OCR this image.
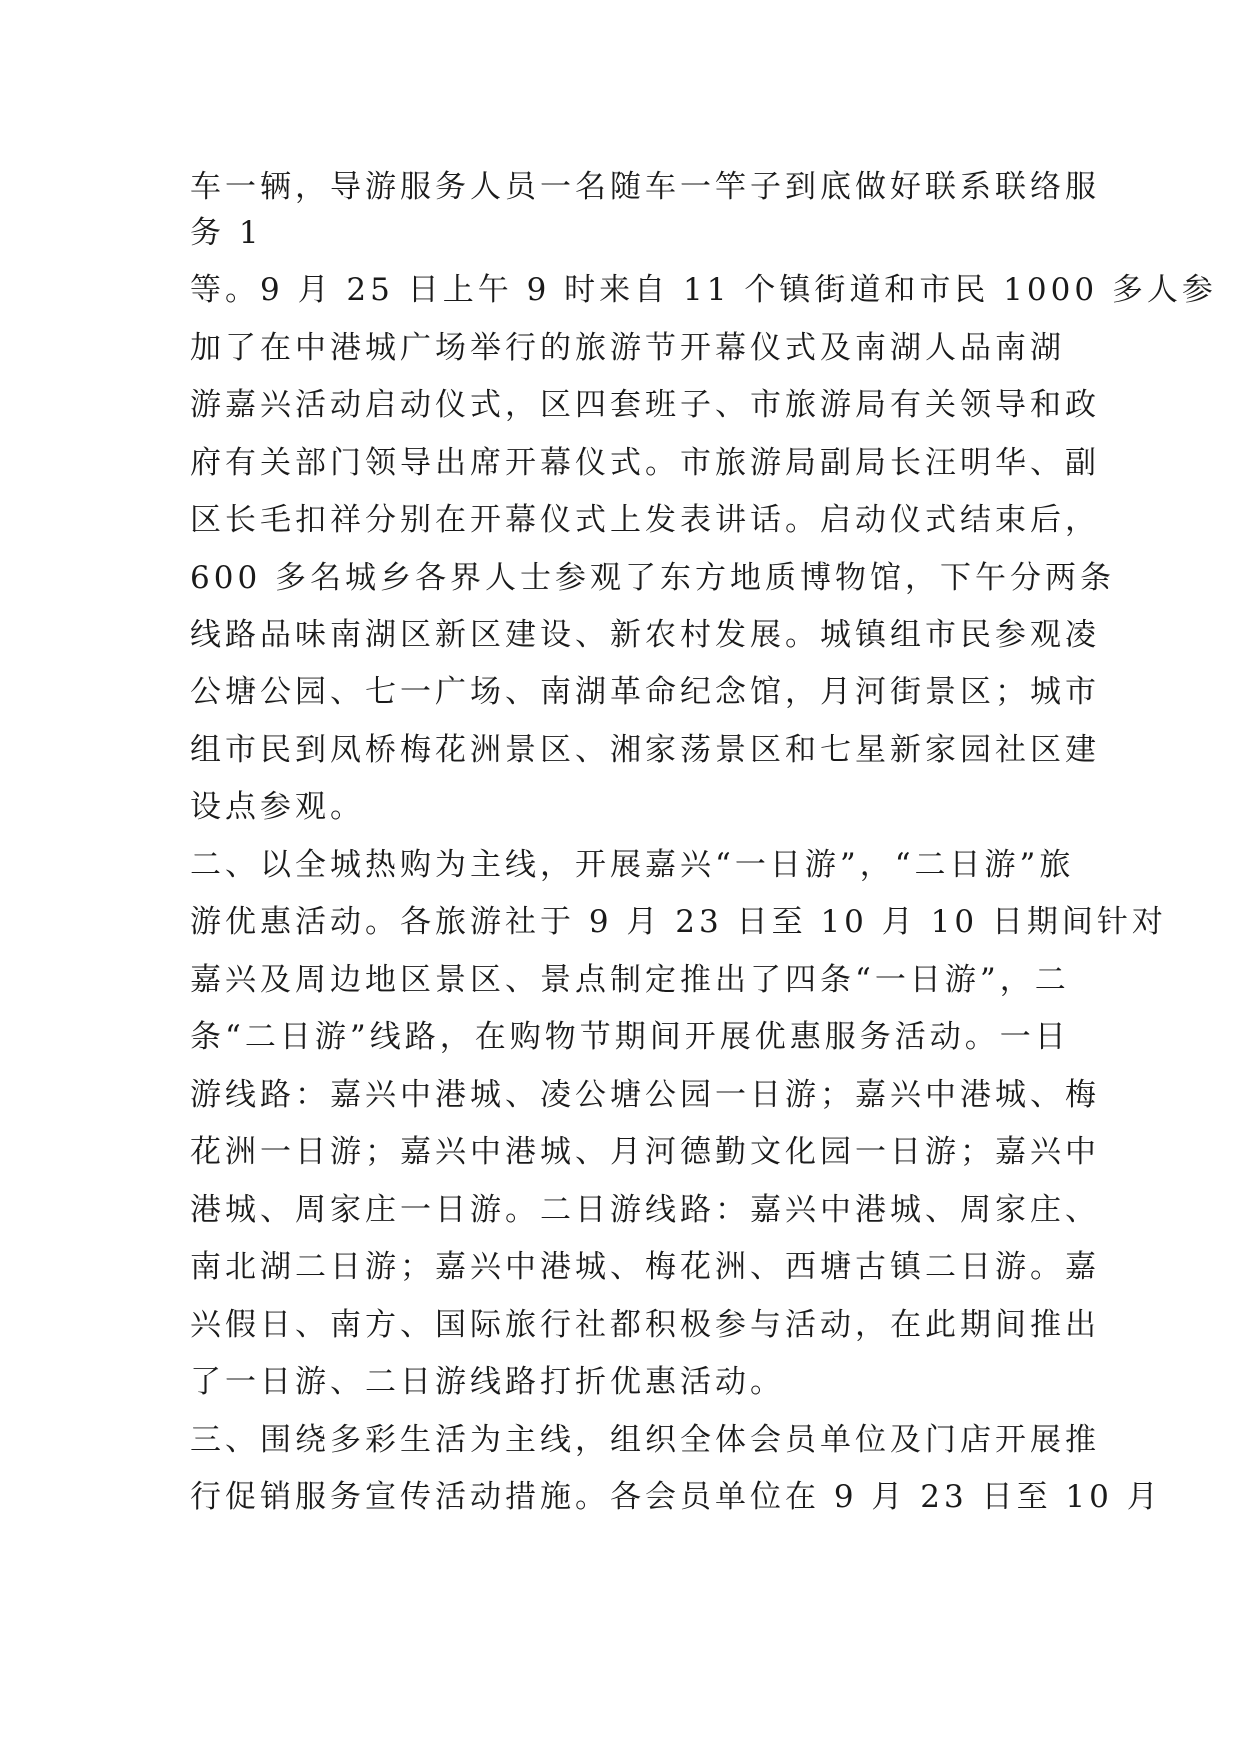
车一辆，导游服务人员一名随车一竿子到底做好联系联络服
务 1
等。9 月 25 日上午 9 时来自 11 个镇街道和市民 1000 多人参
加了在中港城广场举行的旅游节开幕仪式及南湖人品南湖
游嘉兴活动启动仪式，区四套班子、市旅游局有关领导和政
府有关部门领导出席开幕仪式。市旅游局副局长汪明华、副
区长毛扣祥分别在开幕仪式上发表讲话。启动仪式结束后，
600 多名城乡各界人士参观了东方地质博物馆，下午分两条
线路品味南湖区新区建设、新农村发展。城镇组市民参观凌
公塘公园、七一广场、南湖革命纪念馆，月河街景区；城市
组市民到凤桥梅花洲景区、湘家荡景区和七星新家园社区建
设点参观。
二、以全城热购为主线，开展嘉兴“一日游”，“二日游”旅
游优惠活动。各旅游社于 9 月 23 日至 10 月 10 日期间针对
嘉兴及周边地区景区、景点制定推出了四条“一日游”，二
条“二日游”线路，在购物节期间开展优惠服务活动。一日
游线路：嘉兴中港城、凌公塘公园一日游；嘉兴中港城、梅
花洲一日游；嘉兴中港城、月河德勤文化园一日游；嘉兴中
港城、周家庄一日游。二日游线路：嘉兴中港城、周家庄、
南北湖二日游；嘉兴中港城、梅花洲、西塘古镇二日游。嘉
兴假日、南方、国际旅行社都积极参与活动，在此期间推出
了一日游、二日游线路打折优惠活动。
三、围绕多彩生活为主线，组织全体会员单位及门店开展推
行促销服务宣传活动措施。各会员单位在 9 月 23 日至 10 月
